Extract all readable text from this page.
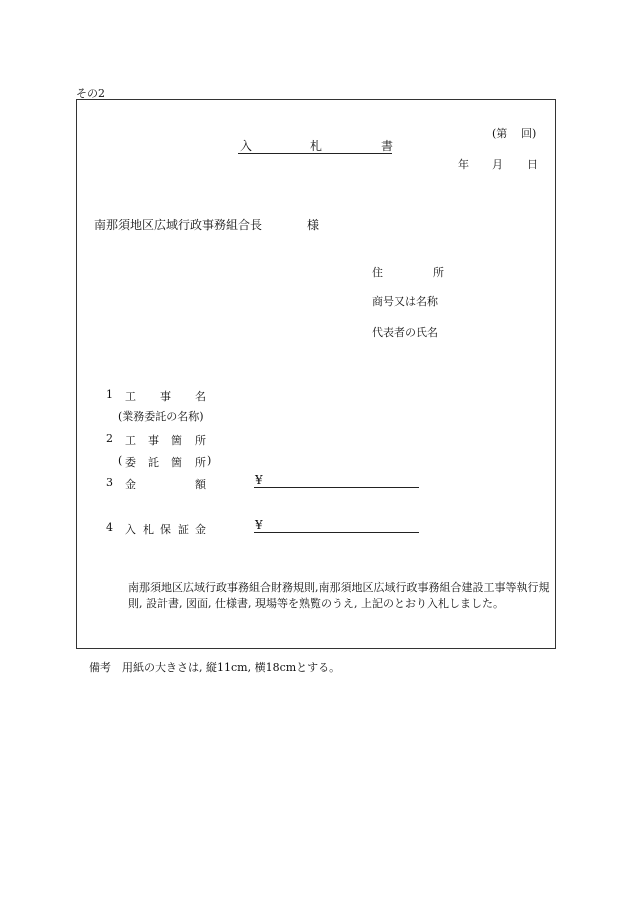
その2
(第 回)
入	札	書
年 月 日
南那須地区広域行政事務組合長	様
住	所
商号又は名称
代表者の氏名
1 工 事 名
(業務委託の名称)
2 工 事 箇 所
( 委 託 箇 所 )
3 金	額	¥
4 入 札 保 証 金	¥
南那須地区広域行政事務組合財務規則,南那須地区広域行政事務組合建設工事等執行規則, 設計書, 図面, 仕様書, 現場等を熟覧のうえ, 上記のとおり入札しました。
備考 用紙の大きさは, 縦11cm, 横18cmとする。
